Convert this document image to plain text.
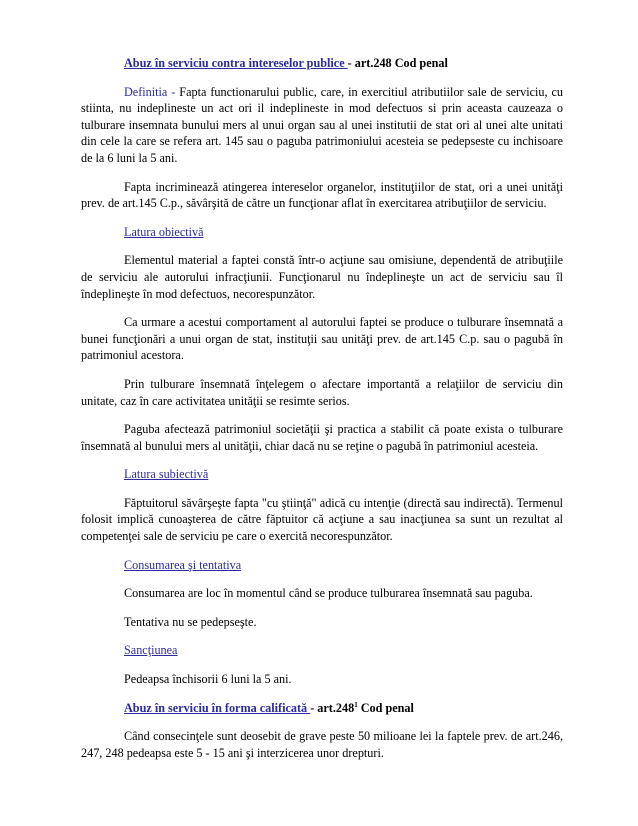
Abuz în serviciu contra intereselor publice - art.248 Cod penal

Definitia - Fapta functionarului public, care, in exercitiul atributiilor sale de serviciu, cu stiinta, nu indeplineste un act ori il indeplineste in mod defectuos si prin aceasta cauzeaza o tulburare insemnata bunului mers al unui organ sau al unei institutii de stat ori al unei alte unitati din cele la care se refera art. 145 sau o paguba patrimoniului acesteia se pedepseste cu inchisoare de la 6 luni la 5 ani.

Fapta incriminează atingerea intereselor organelor, instituţiilor de stat, ori a unei unităţi prev. de art.145 C.p., săvârşită de către un funcţionar aflat în exercitarea atribuţiilor de serviciu.

Latura obiectivă

Elementul material a faptei constă într-o acţiune sau omisiune, dependentă de atribuţiile de serviciu ale autorului infracţiunii. Funcţionarul nu îndeplineşte un act de serviciu sau îl îndeplineşte în mod defectuos, necorespunzător.

Ca urmare a acestui comportament al autorului faptei se produce o tulburare însemnată a bunei funcţionări a unui organ de stat, instituţii sau unităţi prev. de art.145 C.p. sau o pagubă în patrimoniul acestora.

Prin tulburare însemnată înţelegem o afectare importantă a relaţiilor de serviciu din unitate, caz în care activitatea unităţii se resimte serios.

Paguba afectează patrimoniul societăţii şi practica a stabilit că poate exista o tulburare însemnată al bunului mers al unităţii, chiar dacă nu se reţine o pagubă în patrimoniul acesteia.

Latura subiectivă

Făptuitorul săvârşeşte fapta "cu ştiinţă" adică cu intenţie (directă sau indirectă). Termenul folosit implică cunoaşterea de către făptuitor că acţiune a sau inacţiunea sa sunt un rezultat al competenţei sale de serviciu pe care o exercită necorespunzător.

Consumarea şi tentativa

Consumarea are loc în momentul când se produce tulburarea însemnată sau paguba.

Tentativa nu se pedepseşte.

Sancţiunea

Pedeapsa închisorii 6 luni la 5 ani.

Abuz în serviciu în forma calificată - art.248$^1$ Cod penal

Când consecinţele sunt deosebit de grave peste 50 milioane lei la faptele prev. de art.246, 247, 248 pedeapsa este 5 - 15 ani şi interzicerea unor drepturi.
